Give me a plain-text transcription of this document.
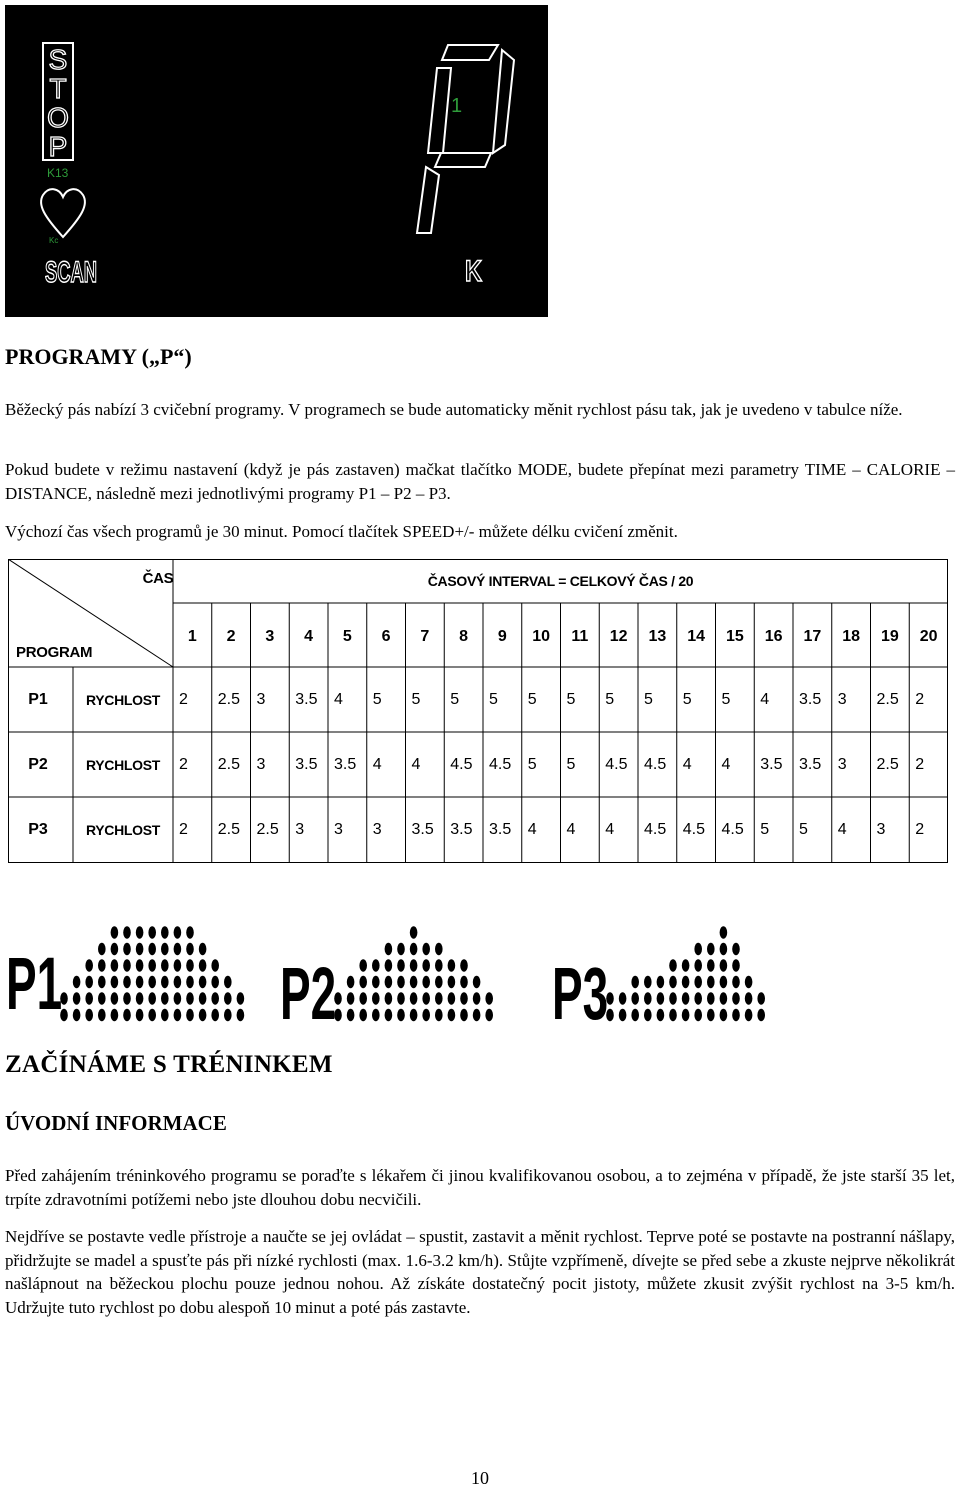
S
T
O
P
K13
Kc
SCAN
1
K
PROGRAMY („P“)

Běžecký pás nabízí 3 cvičební programy. V programech se bude automaticky měnit rychlost pásu tak, jak je uvedeno v tabulce níže.

Pokud budete v režimu nastavení (když je pás zastaven) mačkat tlačítko MODE, budete přepínat mezi parametry TIME – CALORIE – DISTANCE, následně mezi jednotlivými programy P1 – P2 – P3.

Výchozí čas všech programů je 30 minut. Pomocí tlačítek SPEED+/- můžete délku cvičení změnit.

ČAS
PROGRAM
ČASOVÝ INTERVAL = CELKOVÝ ČAS / 20
1	2	3	4	5	6	7	8	9	10	11	12	13	14	15	16	17	18	19	20
P1	RYCHLOST	2	2.5	3	3.5	4	5	5	5	5	5	5	5	5	5	5	4	3.5	3	2.5	2
P2	RYCHLOST	2	2.5	3	3.5	3.5	4	4	4.5	4.5	5	5	4.5	4.5	4	4	3.5	3.5	3	2.5	2
P3	RYCHLOST	2	2.5	2.5	3	3	3	3.5	3.5	3.5	4	4	4	4.5	4.5	4.5	5	5	4	3	2
P1	P2	P3
ZAČÍNÁME S TRÉNINKEM
ÚVODNÍ INFORMACE

Před zahájením tréninkového programu se poraďte s lékařem či jinou kvalifikovanou osobou, a to zejména v případě, že jste starší 35 let, trpíte zdravotními potížemi nebo jste dlouhou dobu necvičili.

Nejdříve se postavte vedle přístroje a naučte se jej ovládat – spustit, zastavit a měnit rychlost. Teprve poté se postavte na postranní nášlapy, přidržujte se madel a spusťte pás při nízké rychlosti (max. 1.6-3.2 km/h). Stůjte vzpřímeně, dívejte se před sebe a zkuste nejprve několikrát našlápnout na běžeckou plochu pouze jednou nohou. Až získáte dostatečný pocit jistoty, můžete zkusit zvýšit rychlost na 3-5 km/h. Udržujte tuto rychlost po dobu alespoň 10 minut a poté pás zastavte.

10
